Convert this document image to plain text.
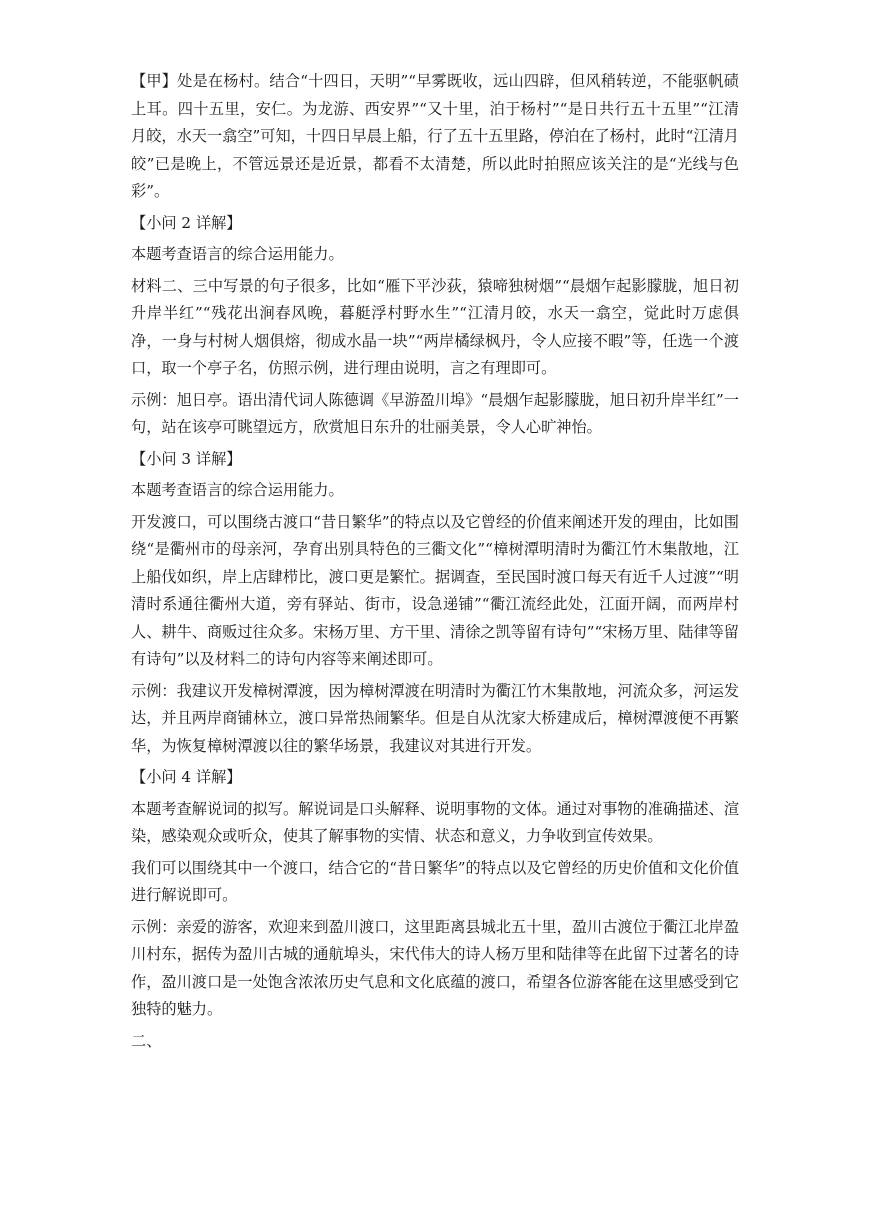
【甲】处是在杨村。结合“十四日，天明”“早雾既收，远山四辟，但风稍转逆，不能驱帆碛上耳。四十五里，安仁。为龙游、西安界”“又十里，泊于杨村”“是日共行五十五里”“江清月皎，水天一翕空”可知，十四日早晨上船，行了五十五里路，停泊在了杨村，此时“江清月皎”已是晚上，不管远景还是近景，都看不太清楚，所以此时拍照应该关注的是“光线与色彩”。

【小问 2 详解】

本题考查语言的综合运用能力。

材料二、三中写景的句子很多，比如“雁下平沙荻，猿啼独树烟”“晨烟乍起影朦胧，旭日初升岸半红”“残花出涧春风晚，暮艇浮村野水生”“江清月皎，水天一翕空，觉此时万虑俱净，一身与村树人烟俱熔，彻成水晶一块”“两岸橘绿枫丹，令人应接不暇”等，任选一个渡口，取一个亭子名，仿照示例，进行理由说明，言之有理即可。

示例：旭日亭。语出清代词人陈德调《早游盈川埠》“晨烟乍起影朦胧，旭日初升岸半红”一句，站在该亭可眺望远方，欣赏旭日东升的壮丽美景，令人心旷神怡。

【小问 3 详解】

本题考查语言的综合运用能力。

开发渡口，可以围绕古渡口“昔日繁华”的特点以及它曾经的价值来阐述开发的理由，比如围绕“是衢州市的母亲河，孕育出别具特色的三衢文化”“樟树潭明清时为衢江竹木集散地，江上船伐如织，岸上店肆栉比，渡口更是繁忙。据调查，至民国时渡口每天有近千人过渡”“明清时系通往衢州大道，旁有驿站、街市，设急递铺”“衢江流经此处，江面开阔，而两岸村人、耕牛、商贩过往众多。宋杨万里、方干里、清徐之凯等留有诗句”“宋杨万里、陆律等留有诗句”以及材料二的诗句内容等来阐述即可。

示例：我建议开发樟树潭渡，因为樟树潭渡在明清时为衢江竹木集散地，河流众多，河运发达，并且两岸商铺林立，渡口异常热闹繁华。但是自从沈家大桥建成后，樟树潭渡便不再繁华，为恢复樟树潭渡以往的繁华场景，我建议对其进行开发。

【小问 4 详解】

本题考查解说词的拟写。解说词是口头解释、说明事物的文体。通过对事物的准确描述、渲染，感染观众或听众，使其了解事物的实情、状态和意义，力争收到宣传效果。

我们可以围绕其中一个渡口，结合它的“昔日繁华”的特点以及它曾经的历史价值和文化价值进行解说即可。

示例：亲爱的游客，欢迎来到盈川渡口，这里距离县城北五十里，盈川古渡位于衢江北岸盈川村东，据传为盈川古城的通航埠头，宋代伟大的诗人杨万里和陆律等在此留下过著名的诗作，盈川渡口是一处饱含浓浓历史气息和文化底蕴的渡口，希望各位游客能在这里感受到它独特的魅力。

二、
